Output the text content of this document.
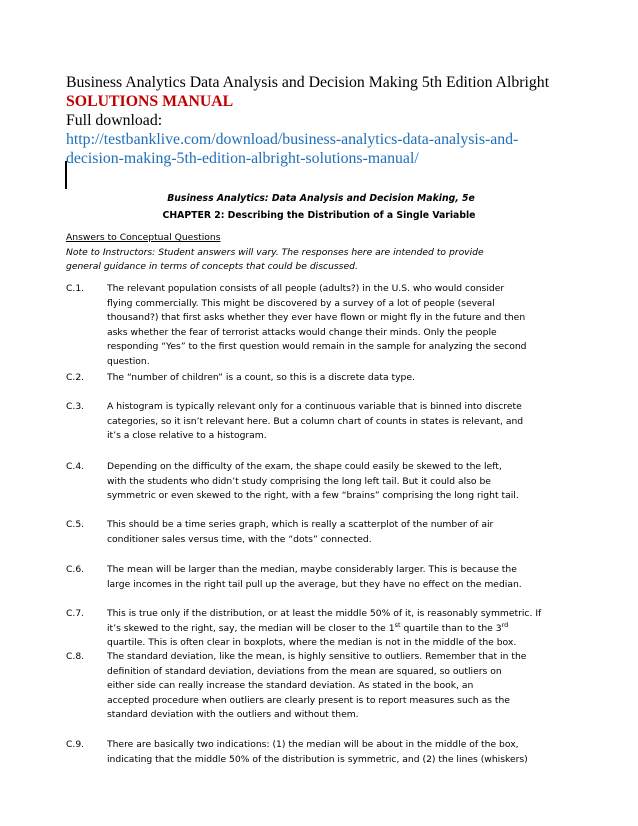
Business Analytics Data Analysis and Decision Making 5th Edition Albright
SOLUTIONS MANUAL
Full download:
http://testbanklive.com/download/business-analytics-data-analysis-and-
decision-making-5th-edition-albright-solutions-manual/
Business Analytics: Data Analysis and Decision Making, 5e
CHAPTER 2: Describing the Distribution of a Single Variable
Answers to Conceptual Questions
Note to Instructors: Student answers will vary. The responses here are intended to provide
general guidance in terms of concepts that could be discussed.
C.1.	The relevant population consists of all people (adults?) in the U.S. who would consider
flying commercially. This might be discovered by a survey of a lot of people (several
thousand?) that first asks whether they ever have flown or might fly in the future and then
asks whether the fear of terrorist attacks would change their minds. Only the people
responding “Yes” to the first question would remain in the sample for analyzing the second
question.
C.2.	The “number of children” is a count, so this is a discrete data type.
C.3.	A histogram is typically relevant only for a continuous variable that is binned into discrete
categories, so it isn’t relevant here. But a column chart of counts in states is relevant, and
it’s a close relative to a histogram.
C.4.	Depending on the difficulty of the exam, the shape could easily be skewed to the left,
with the students who didn’t study comprising the long left tail. But it could also be
symmetric or even skewed to the right, with a few “brains” comprising the long right tail.
C.5.	This should be a time series graph, which is really a scatterplot of the number of air
conditioner sales versus time, with the “dots” connected.
C.6.	The mean will be larger than the median, maybe considerably larger. This is because the
large incomes in the right tail pull up the average, but they have no effect on the median.
C.7.	This is true only if the distribution, or at least the middle 50% of it, is reasonably symmetric. If
it’s skewed to the right, say, the median will be closer to the 1st quartile than to the 3rd
quartile. This is often clear in boxplots, where the median is not in the middle of the box.
C.8.	The standard deviation, like the mean, is highly sensitive to outliers. Remember that in the
definition of standard deviation, deviations from the mean are squared, so outliers on
either side can really increase the standard deviation. As stated in the book, an
accepted procedure when outliers are clearly present is to report measures such as the
standard deviation with the outliers and without them.
C.9.	There are basically two indications: (1) the median will be about in the middle of the box,
indicating that the middle 50% of the distribution is symmetric, and (2) the lines (whiskers)
